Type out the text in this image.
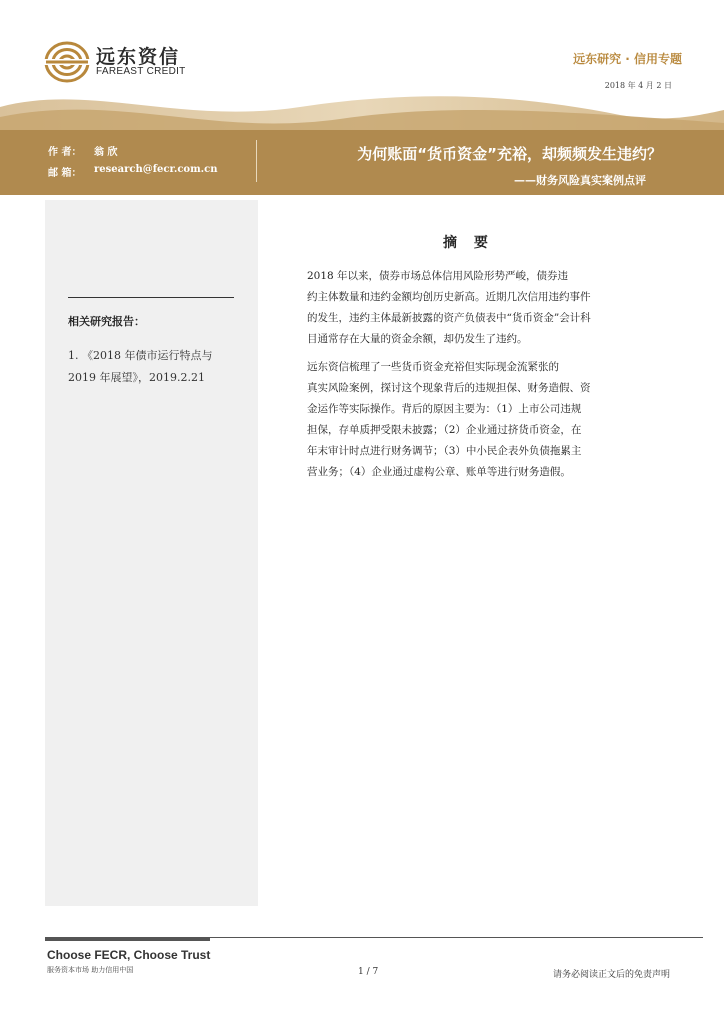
远东资信
FAREAST CREDIT
远东研究 · 信用专题
2018 年 4 月 2 日
作 者： 翁 欣
邮 箱： research@fecr.com.cn
为何账面“货币资金”充裕，却频频发生违约？
——财务风险真实案例点评
相关研究报告：
1. 《2018 年债市运行特点与
2019 年展望》，2019.2.21
摘 要
2018 年以来，债券市场总体信用风险形势严峻，债券违
约主体数量和违约金额均创历史新高。近期几次信用违约事件
的发生，违约主体最新披露的资产负债表中“货币资金”会计科
目通常存在大量的资金余额，却仍发生了违约。
远东资信梳理了一些货币资金充裕但实际现金流紧张的
真实风险案例，探讨这个现象背后的违规担保、财务造假、资
金运作等实际操作。背后的原因主要为：（1）上市公司违规
担保，存单质押受限未披露；（2）企业通过挤货币资金，在
年末审计时点进行财务调节；（3）中小民企表外负债拖累主
营业务；（4）企业通过虚构公章、账单等进行财务造假。
Choose FECR, Choose Trust
服务资本市场 助力信用中国	1 / 7	请务必阅读正文后的免责声明
